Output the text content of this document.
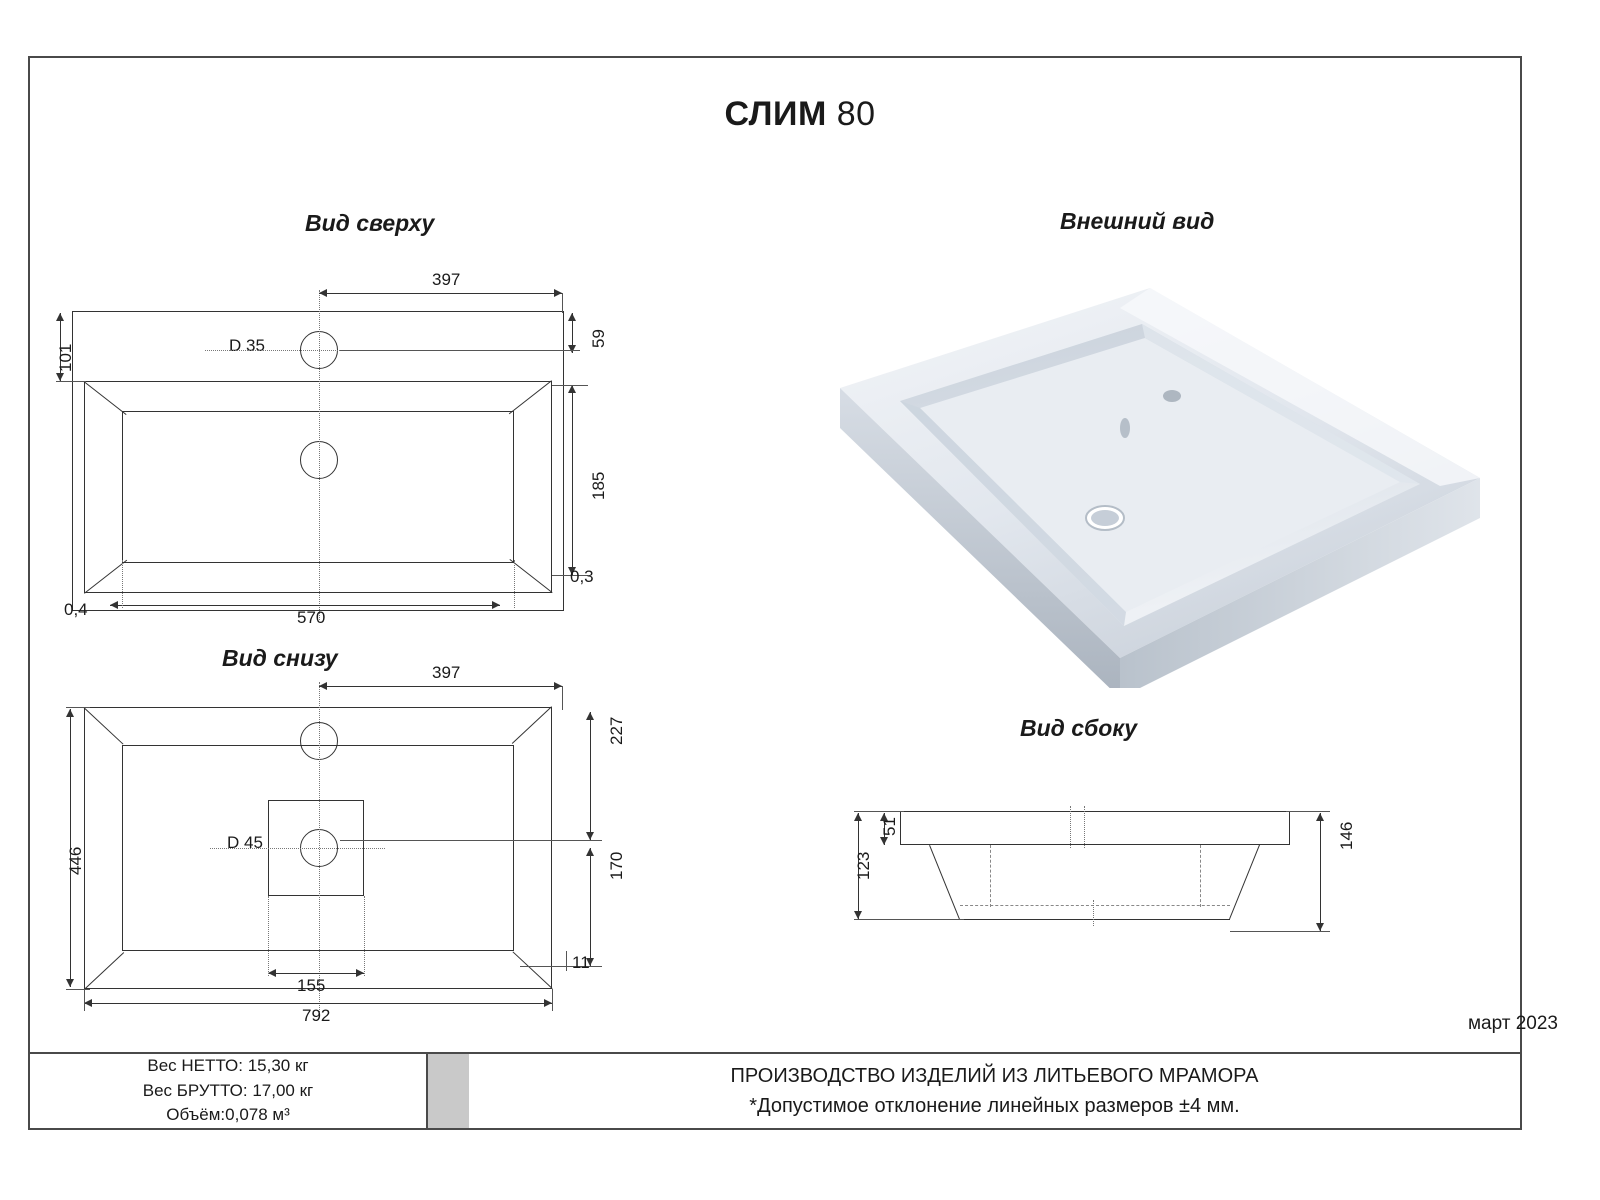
СЛИМ 80
Вид сверху
D 35
397
101
59
185
0,3
0,4	570
Вид снизу
D 45
397
446
227
170
11
155
792
Внешний вид
Вид сбоку
51
123
146
март 2023
Вес НЕТТО: 15,30 кг
Вес БРУТТО: 17,00 кг
Объём:0,078 м³
ПРОИЗВОДСТВО ИЗДЕЛИЙ ИЗ ЛИТЬЕВОГО МРАМОРА
*Допустимое отклонение линейных размеров ±4 мм.
